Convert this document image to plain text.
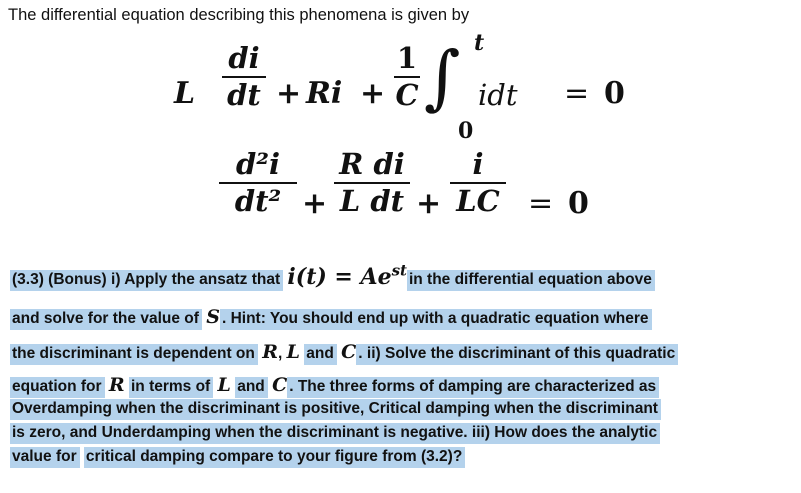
The differential equation describing this phenomena is given by
L
di
dt + Ri +
1
C ∫ t
0
idt = 0
d²i
dt² +
R di
L dt +
i
LC = 0
(3.3) (Bonus) i) Apply the ansatz that $i(t) = Ae^{st}$ in the differential equation above
and solve for the value of S . Hint: You should end up with a quadratic equation where
the discriminant is dependent on R, L and C . ii) Solve the discriminant of this quadratic
equation for R in terms of L and C . The three forms of damping are characterized as
Overdamping when the discriminant is positive, Critical damping when the discriminant
is zero, and Underdamping when the discriminant is negative. iii) How does the analytic
value for critical damping compare to your figure from (3.2)?
